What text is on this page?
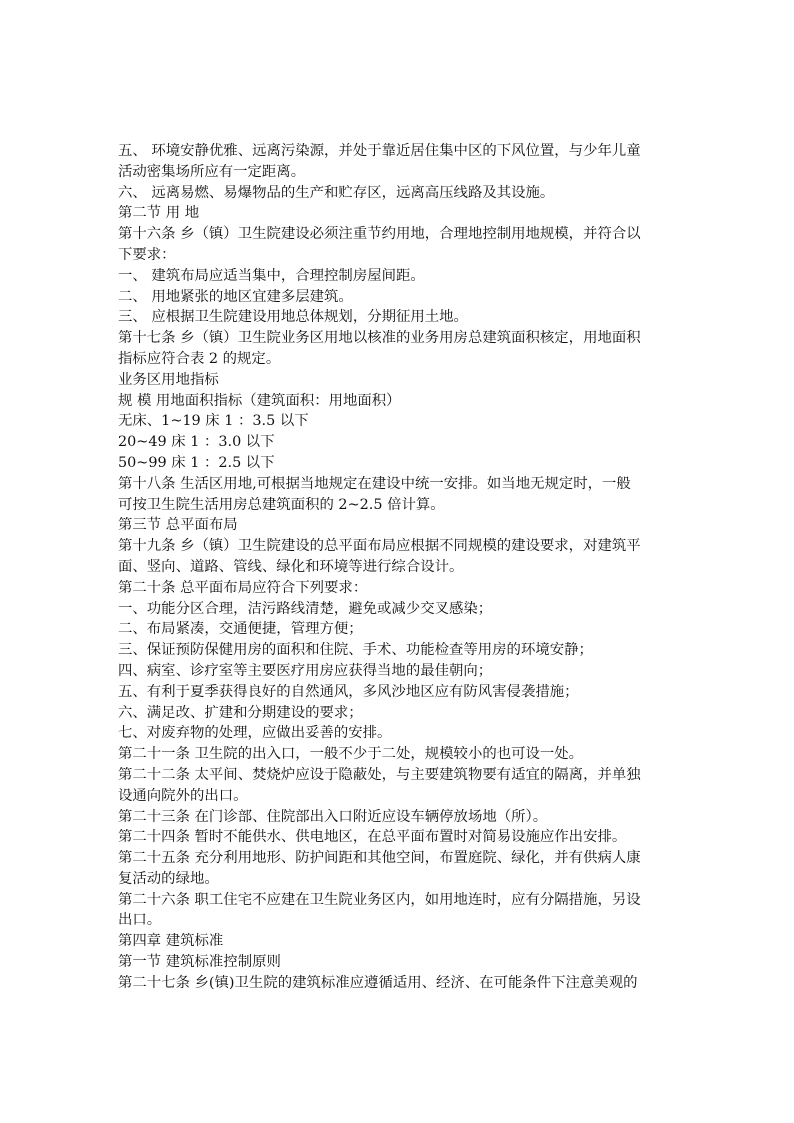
五、 环境安静优雅、远离污染源，并处于靠近居住集中区的下风位置，与少年儿童
活动密集场所应有一定距离。
六、 远离易燃、易爆物品的生产和贮存区，远离高压线路及其设施。
第二节 用 地
第十六条 乡（镇）卫生院建设必须注重节约用地，合理地控制用地规模，并符合以
下要求：
一、 建筑布局应适当集中，合理控制房屋间距。
二、 用地紧张的地区宜建多层建筑。
三、 应根据卫生院建设用地总体规划，分期征用土地。
第十七条 乡（镇）卫生院业务区用地以核准的业务用房总建筑面积核定，用地面积
指标应符合表 2 的规定。
业务区用地指标
规 模 用地面积指标（建筑面积：用地面积）
无床、1~19 床 1 ：3.5 以下
20~49 床 1 ：3.0 以下
50~99 床 1 ：2.5 以下
第十八条 生活区用地,可根据当地规定在建设中统一安排。如当地无规定时，一般
可按卫生院生活用房总建筑面积的 2~2.5 倍计算。
第三节 总平面布局
第十九条 乡（镇）卫生院建设的总平面布局应根据不同规模的建设要求，对建筑平
面、竖向、道路、管线、绿化和环境等进行综合设计。
第二十条 总平面布局应符合下列要求：
一、功能分区合理，洁污路线清楚，避免或减少交叉感染；
二、布局紧凑，交通便捷，管理方便；
三、保证预防保健用房的面积和住院、手术、功能检查等用房的环境安静；
四、病室、诊疗室等主要医疗用房应获得当地的最佳朝向；
五、有利于夏季获得良好的自然通风，多风沙地区应有防风害侵袭措施；
六、满足改、扩建和分期建设的要求；
七、对废弃物的处理，应做出妥善的安排。
第二十一条 卫生院的出入口，一般不少于二处，规模较小的也可设一处。
第二十二条 太平间、焚烧炉应设于隐蔽处，与主要建筑物要有适宜的隔离，并单独
设通向院外的出口。
第二十三条 在门诊部、住院部出入口附近应设车辆停放场地（所）。
第二十四条 暂时不能供水、供电地区，在总平面布置时对简易设施应作出安排。
第二十五条 充分利用地形、防护间距和其他空间，布置庭院、绿化，并有供病人康
复活动的绿地。
第二十六条 职工住宅不应建在卫生院业务区内，如用地连时，应有分隔措施，另设
出口。
第四章 建筑标准
第一节 建筑标准控制原则
第二十七条 乡(镇)卫生院的建筑标准应遵循适用、经济、在可能条件下注意美观的
